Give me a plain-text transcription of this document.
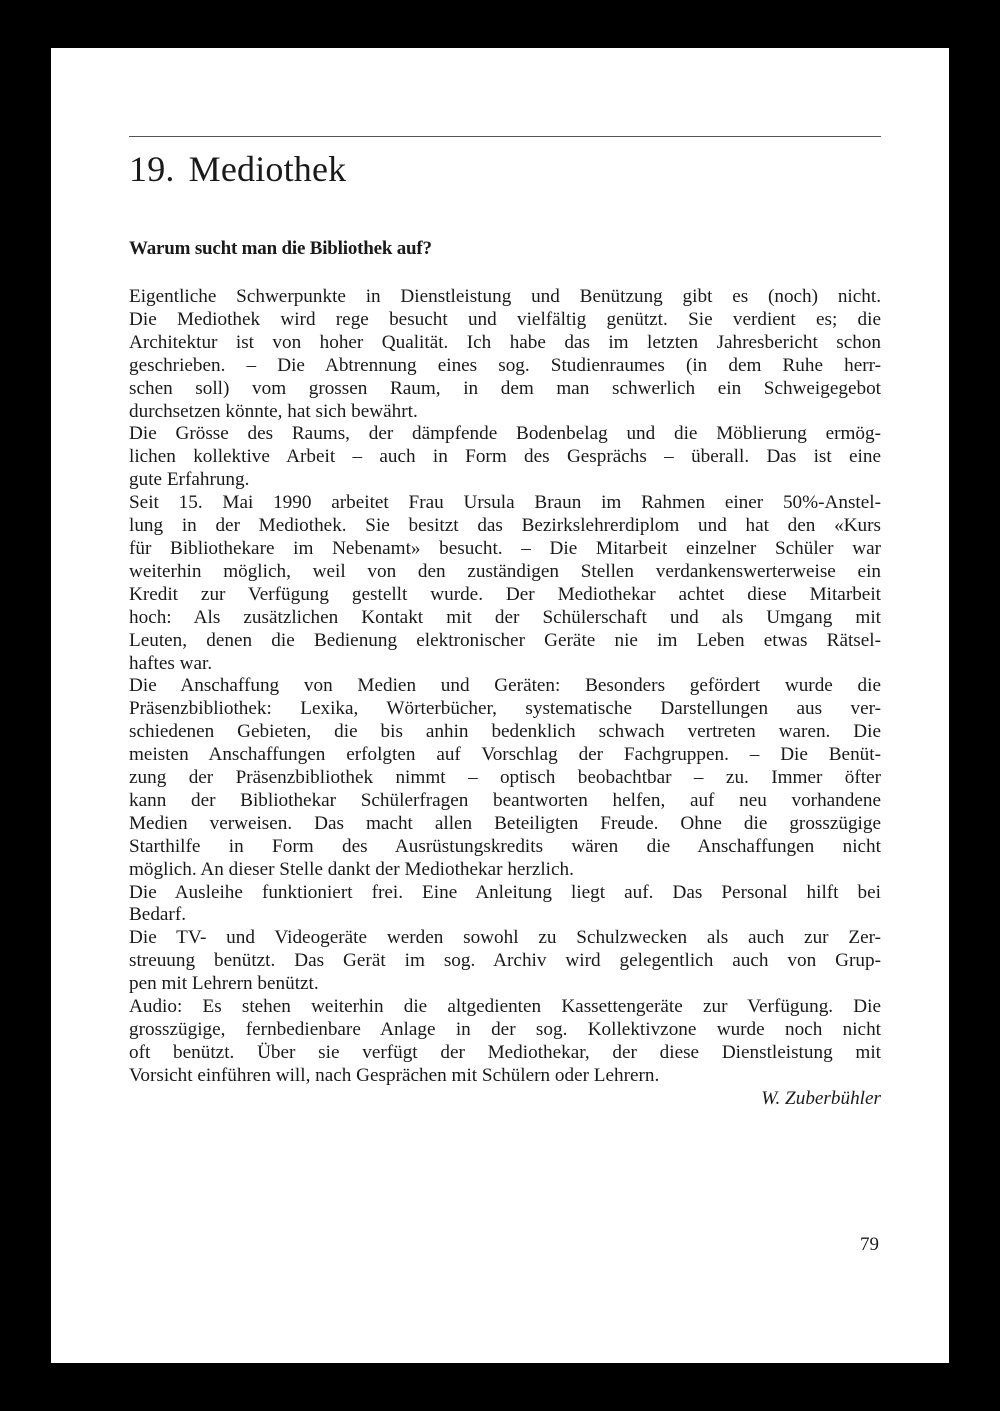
19. Mediothek
Warum sucht man die Bibliothek auf?
Eigentliche Schwerpunkte in Dienstleistung und Benützung gibt es (noch) nicht.
Die Mediothek wird rege besucht und vielfältig genützt. Sie verdient es; die
Architektur ist von hoher Qualität. Ich habe das im letzten Jahresbericht schon
geschrieben. – Die Abtrennung eines sog. Studienraumes (in dem Ruhe herr-
schen soll) vom grossen Raum, in dem man schwerlich ein Schweigegebot
durchsetzen könnte, hat sich bewährt.
Die Grösse des Raums, der dämpfende Bodenbelag und die Möblierung ermög-
lichen kollektive Arbeit – auch in Form des Gesprächs – überall. Das ist eine
gute Erfahrung.
Seit 15. Mai 1990 arbeitet Frau Ursula Braun im Rahmen einer 50%-Anstel-
lung in der Mediothek. Sie besitzt das Bezirkslehrerdiplom und hat den «Kurs
für Bibliothekare im Nebenamt» besucht. – Die Mitarbeit einzelner Schüler war
weiterhin möglich, weil von den zuständigen Stellen verdankenswerterweise ein
Kredit zur Verfügung gestellt wurde. Der Mediothekar achtet diese Mitarbeit
hoch: Als zusätzlichen Kontakt mit der Schülerschaft und als Umgang mit
Leuten, denen die Bedienung elektronischer Geräte nie im Leben etwas Rätsel-
haftes war.
Die Anschaffung von Medien und Geräten: Besonders gefördert wurde die
Präsenzbibliothek: Lexika, Wörterbücher, systematische Darstellungen aus ver-
schiedenen Gebieten, die bis anhin bedenklich schwach vertreten waren. Die
meisten Anschaffungen erfolgten auf Vorschlag der Fachgruppen. – Die Benüt-
zung der Präsenzbibliothek nimmt – optisch beobachtbar – zu. Immer öfter
kann der Bibliothekar Schülerfragen beantworten helfen, auf neu vorhandene
Medien verweisen. Das macht allen Beteiligten Freude. Ohne die grosszügige
Starthilfe in Form des Ausrüstungskredits wären die Anschaffungen nicht
möglich. An dieser Stelle dankt der Mediothekar herzlich.
Die Ausleihe funktioniert frei. Eine Anleitung liegt auf. Das Personal hilft bei
Bedarf.
Die TV- und Videogeräte werden sowohl zu Schulzwecken als auch zur Zer-
streuung benützt. Das Gerät im sog. Archiv wird gelegentlich auch von Grup-
pen mit Lehrern benützt.
Audio: Es stehen weiterhin die altgedienten Kassettengeräte zur Verfügung. Die
grosszügige, fernbedienbare Anlage in der sog. Kollektivzone wurde noch nicht
oft benützt. Über sie verfügt der Mediothekar, der diese Dienstleistung mit
Vorsicht einführen will, nach Gesprächen mit Schülern oder Lehrern.
W. Zuberbühler
79
